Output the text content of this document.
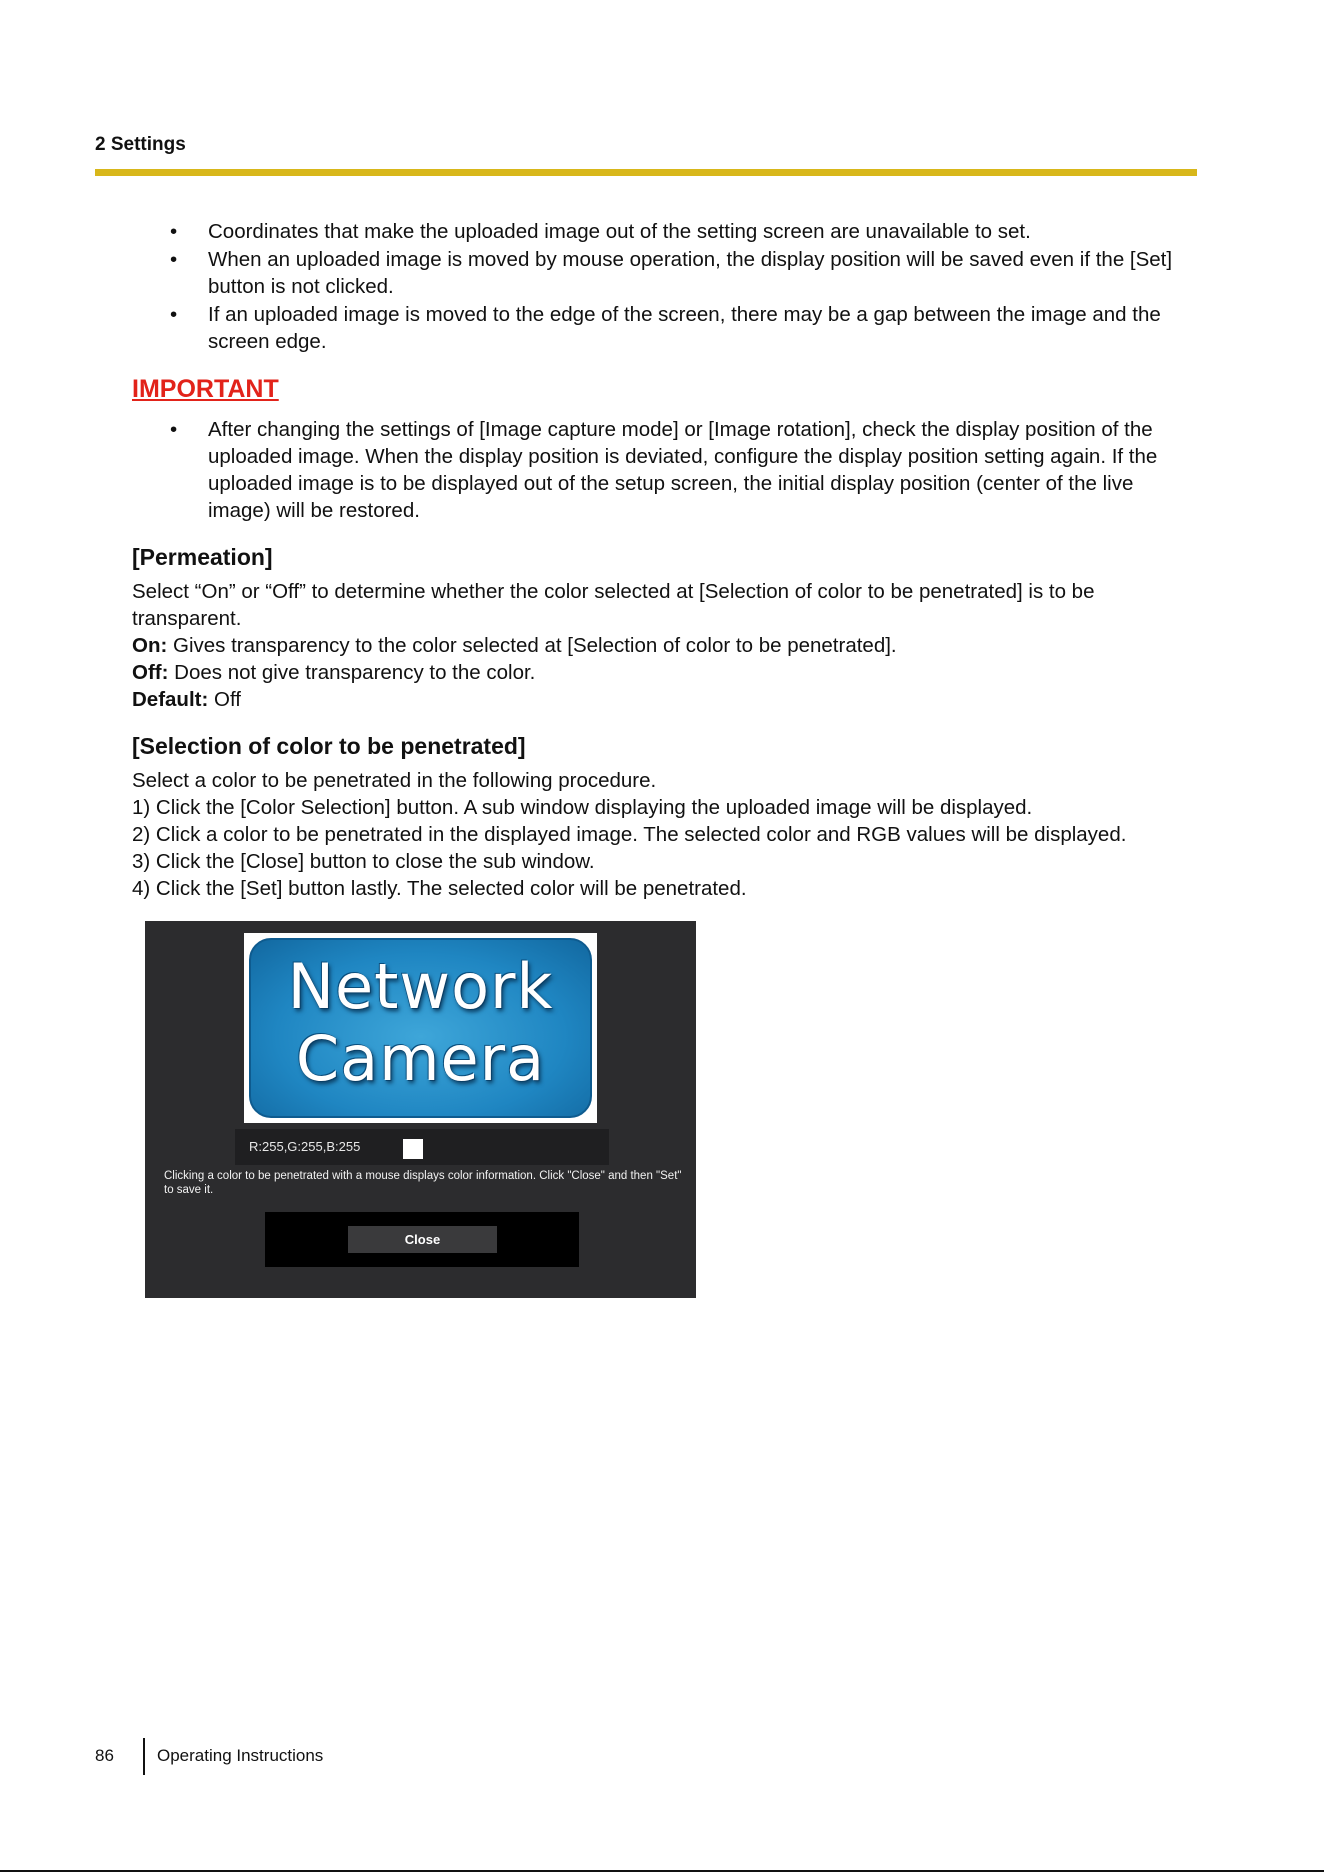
2 Settings
• Coordinates that make the uploaded image out of the setting screen are unavailable to set.
• When an uploaded image is moved by mouse operation, the display position will be saved even if the [Set] button is not clicked.
• If an uploaded image is moved to the edge of the screen, there may be a gap between the image and the screen edge.
IMPORTANT
• After changing the settings of [Image capture mode] or [Image rotation], check the display position of the uploaded image. When the display position is deviated, configure the display position setting again. If the uploaded image is to be displayed out of the setup screen, the initial display position (center of the live image) will be restored.
[Permeation]
Select “On” or “Off” to determine whether the color selected at [Selection of color to be penetrated] is to be transparent.
On: Gives transparency to the color selected at [Selection of color to be penetrated].
Off: Does not give transparency to the color.
Default: Off
[Selection of color to be penetrated]
Select a color to be penetrated in the following procedure.
1) Click the [Color Selection] button. A sub window displaying the uploaded image will be displayed.
2) Click a color to be penetrated in the displayed image. The selected color and RGB values will be displayed.
3) Click the [Close] button to close the sub window.
4) Click the [Set] button lastly. The selected color will be penetrated.
Network
Camera
R:255,G:255,B:255
Clicking a color to be penetrated with a mouse displays color information. Click "Close" and then "Set" to save it.
Close
86	Operating Instructions
